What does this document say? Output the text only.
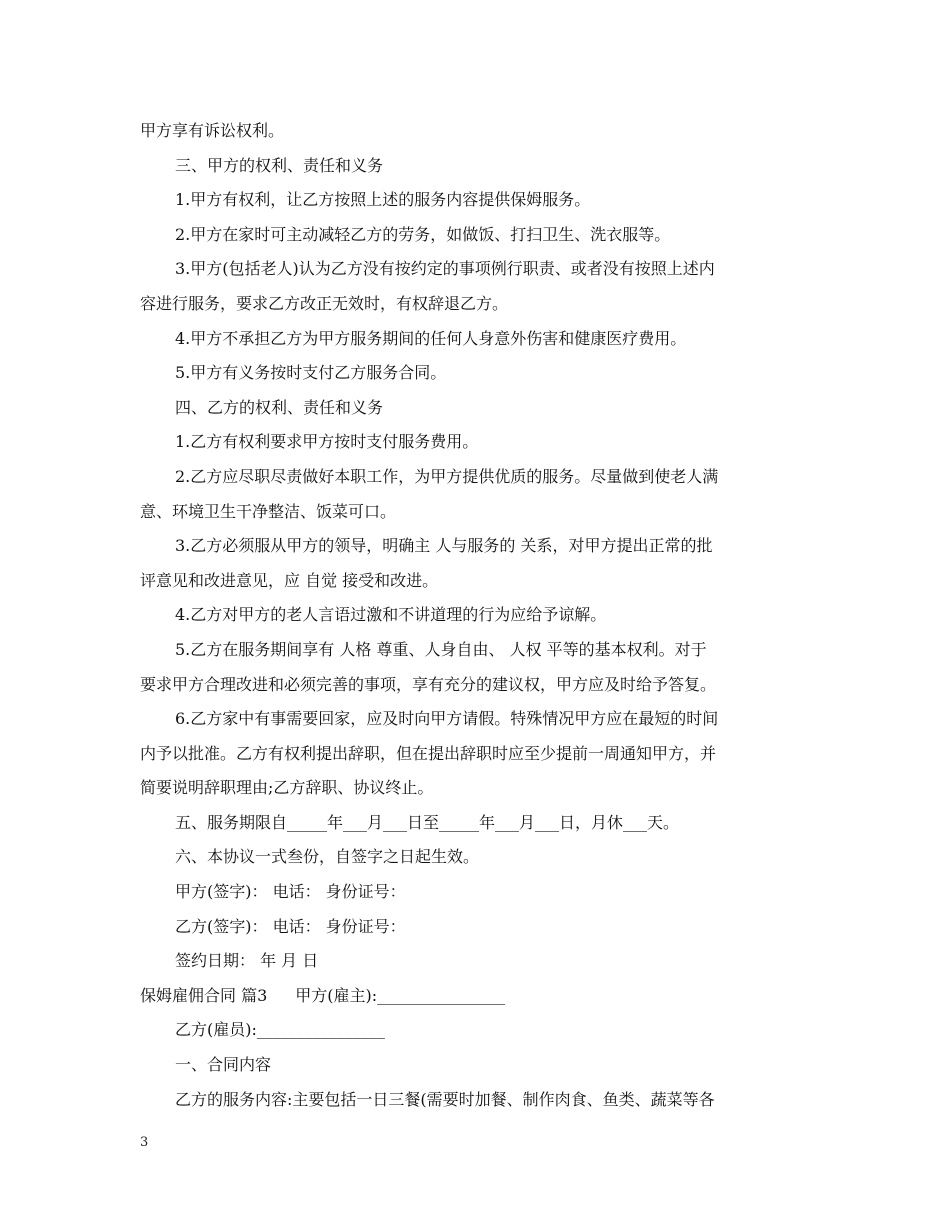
甲方享有诉讼权利。
三、甲方的权利、责任和义务
1.甲方有权利，让乙方按照上述的服务内容提供保姆服务。
2.甲方在家时可主动减轻乙方的劳务，如做饭、打扫卫生、洗衣服等。
3.甲方(包括老人)认为乙方没有按约定的事项例行职责、或者没有按照上述内
容进行服务，要求乙方改正无效时，有权辞退乙方。
4.甲方不承担乙方为甲方服务期间的任何人身意外伤害和健康医疗费用。
5.甲方有义务按时支付乙方服务合同。
四、乙方的权利、责任和义务
1.乙方有权利要求甲方按时支付服务费用。
2.乙方应尽职尽责做好本职工作，为甲方提供优质的服务。尽量做到使老人满
意、环境卫生干净整洁、饭菜可口。
3.乙方必须服从甲方的领导，明确主 人与服务的 关系，对甲方提出正常的批
评意见和改进意见，应 自觉 接受和改进。
4.乙方对甲方的老人言语过激和不讲道理的行为应给予谅解。
5.乙方在服务期间享有 人格 尊重、人身自由、 人权 平等的基本权利。对于
要求甲方合理改进和必须完善的事项，享有充分的建议权，甲方应及时给予答复。
6.乙方家中有事需要回家，应及时向甲方请假。特殊情况甲方应在最短的时间
内予以批准。乙方有权利提出辞职，但在提出辞职时应至少提前一周通知甲方，并
简要说明辞职理由;乙方辞职、协议终止。
五、服务期限自_____年___月___日至_____年___月___日，月休___天。
六、本协议一式叁份，自签字之日起生效。
甲方(签字)： 电话： 身份证号：
乙方(签字)： 电话： 身份证号：
签约日期： 年 月 日
保姆雇佣合同 篇3 甲方(雇主):________________
乙方(雇员):________________
一、合同内容
乙方的服务内容:主要包括一日三餐(需要时加餐、制作肉食、鱼类、蔬菜等各
3
